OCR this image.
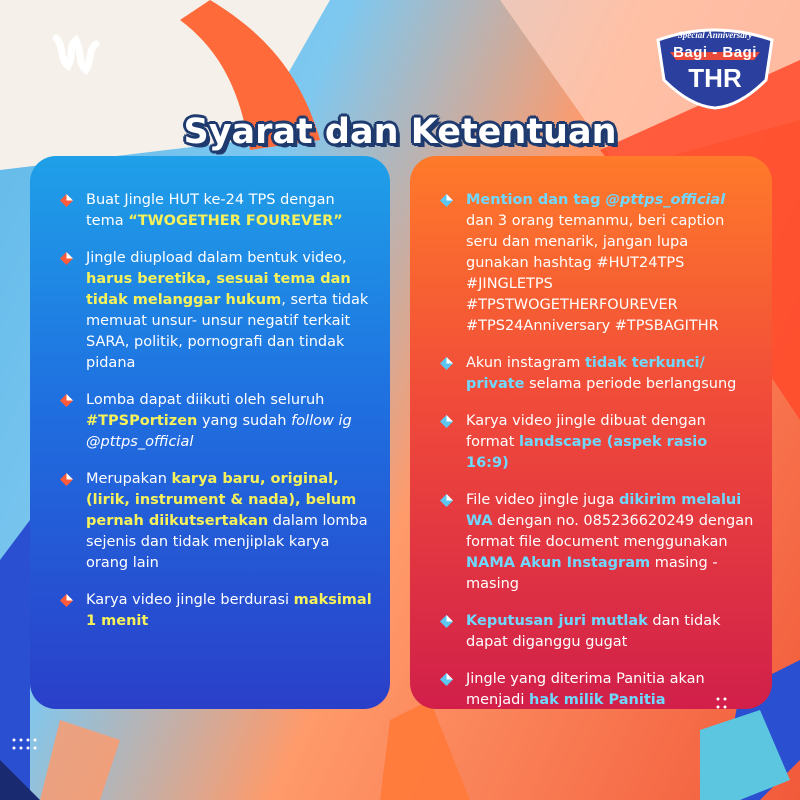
Special Anniversary
Bagi - Bagi
THR
Syarat dan Ketentuan
Buat Jingle HUT ke-24 TPS dengan tema “TWOGETHER FOUREVER”
Jingle diupload dalam bentuk video, harus beretika, sesuai tema dan tidak melanggar hukum, serta tidak memuat unsur- unsur negatif terkait SARA, politik, pornografi dan tindak pidana
Lomba dapat diikuti oleh seluruh #TPSPortizen yang sudah follow ig @pttps_official
Merupakan karya baru, original, (lirik, instrument & nada), belum pernah diikutsertakan dalam lomba sejenis dan tidak menjiplak karya orang lain
Karya video jingle berdurasi maksimal 1 menit
Mention dan tag @pttps_official dan 3 orang temanmu, beri caption seru dan menarik, jangan lupa gunakan hashtag #HUT24TPS #JINGLETPS #TPSTWOGETHERFOUREVER #TPS24Anniversary #TPSBAGITHR
Akun instagram tidak terkunci/ private selama periode berlangsung
Karya video jingle dibuat dengan format landscape (aspek rasio 16:9)
File video jingle juga dikirim melalui WA dengan no. 085236620249 dengan format file document menggunakan NAMA Akun Instagram masing - masing
Keputusan juri mutlak dan tidak dapat diganggu gugat
Jingle yang diterima Panitia akan menjadi hak milik Panitia
